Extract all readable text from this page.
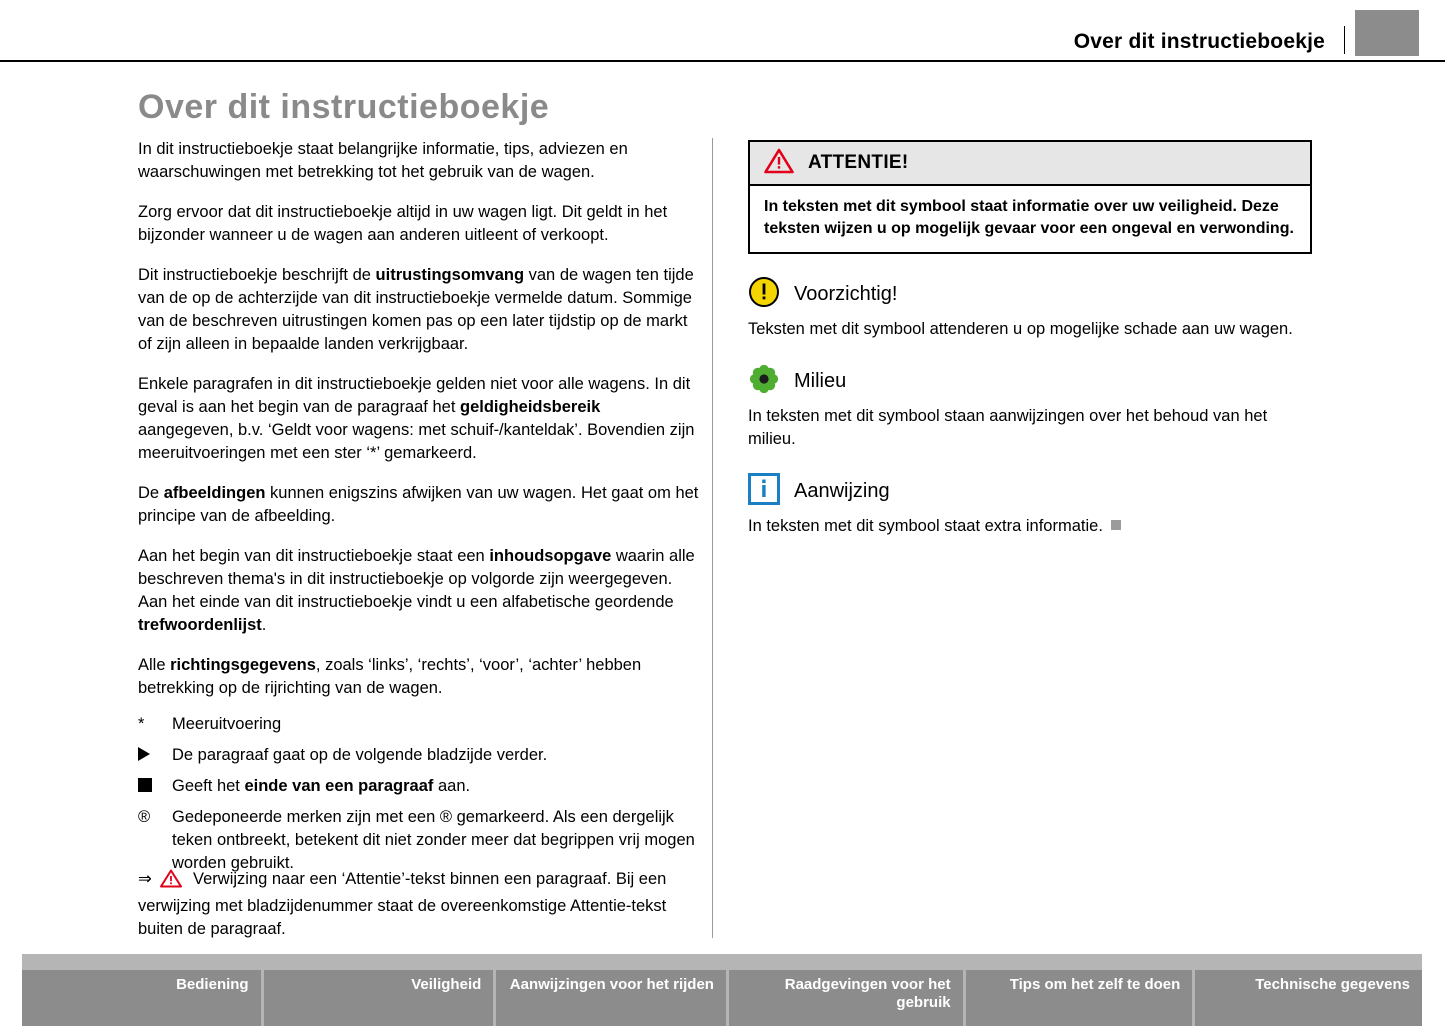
Over dit instructieboekje
Over dit instructieboekje

In dit instructieboekje staat belangrijke informatie, tips, adviezen en waarschuwingen met betrekking tot het gebruik van de wagen.

Zorg ervoor dat dit instructieboekje altijd in uw wagen ligt. Dit geldt in het bijzonder wanneer u de wagen aan anderen uitleent of verkoopt.

Dit instructieboekje beschrijft de uitrustingsomvang van de wagen ten tijde van de op de achterzijde van dit instructieboekje vermelde datum. Sommige van de beschreven uitrustingen komen pas op een later tijdstip op de markt of zijn alleen in bepaalde landen verkrijgbaar.

Enkele paragrafen in dit instructieboekje gelden niet voor alle wagens. In dit geval is aan het begin van de paragraaf het geldigheidsbereik aangegeven, b.v. ‘Geldt voor wagens: met schuif-/kanteldak’. Bovendien zijn meeruitvoeringen met een ster ‘*’ gemarkeerd.

De afbeeldingen kunnen enigszins afwijken van uw wagen. Het gaat om het principe van de afbeelding.

Aan het begin van dit instructieboekje staat een inhoudsopgave waarin alle beschreven thema's in dit instructieboekje op volgorde zijn weergegeven. Aan het einde van dit instructieboekje vindt u een alfabetische geordende trefwoordenlijst.

Alle richtingsgegevens, zoals ‘links’, ‘rechts’, ‘voor’, ‘achter’ hebben betrekking op de rijrichting van de wagen.

*	Meeruitvoering
De paragraaf gaat op de volgende bladzijde verder.
Geeft het einde van een paragraaf aan.
®	Gedeponeerde merken zijn met een ® gemarkeerd. Als een dergelijk teken ontbreekt, betekent dit niet zonder meer dat begrippen vrij mogen worden gebruikt.
⇒ Verwijzing naar een ‘Attentie’-tekst binnen een paragraaf. Bij een verwijzing met bladzijdenummer staat de overeenkomstige Attentie-tekst buiten de paragraaf.
ATTENTIE!
In teksten met dit symbool staat informatie over uw veiligheid. Deze teksten wijzen u op mogelijk gevaar voor een ongeval en verwonding.
Voorzichtig!
Teksten met dit symbool attenderen u op mogelijke schade aan uw wagen.
Milieu
In teksten met dit symbool staan aanwijzingen over het behoud van het milieu.
Aanwijzing
In teksten met dit symbool staat extra informatie.
Bediening	Veiligheid	Aanwijzingen voor het rijden	Raadgevingen voor het gebruik
Tips om het zelf te doen	Technische gegevens
